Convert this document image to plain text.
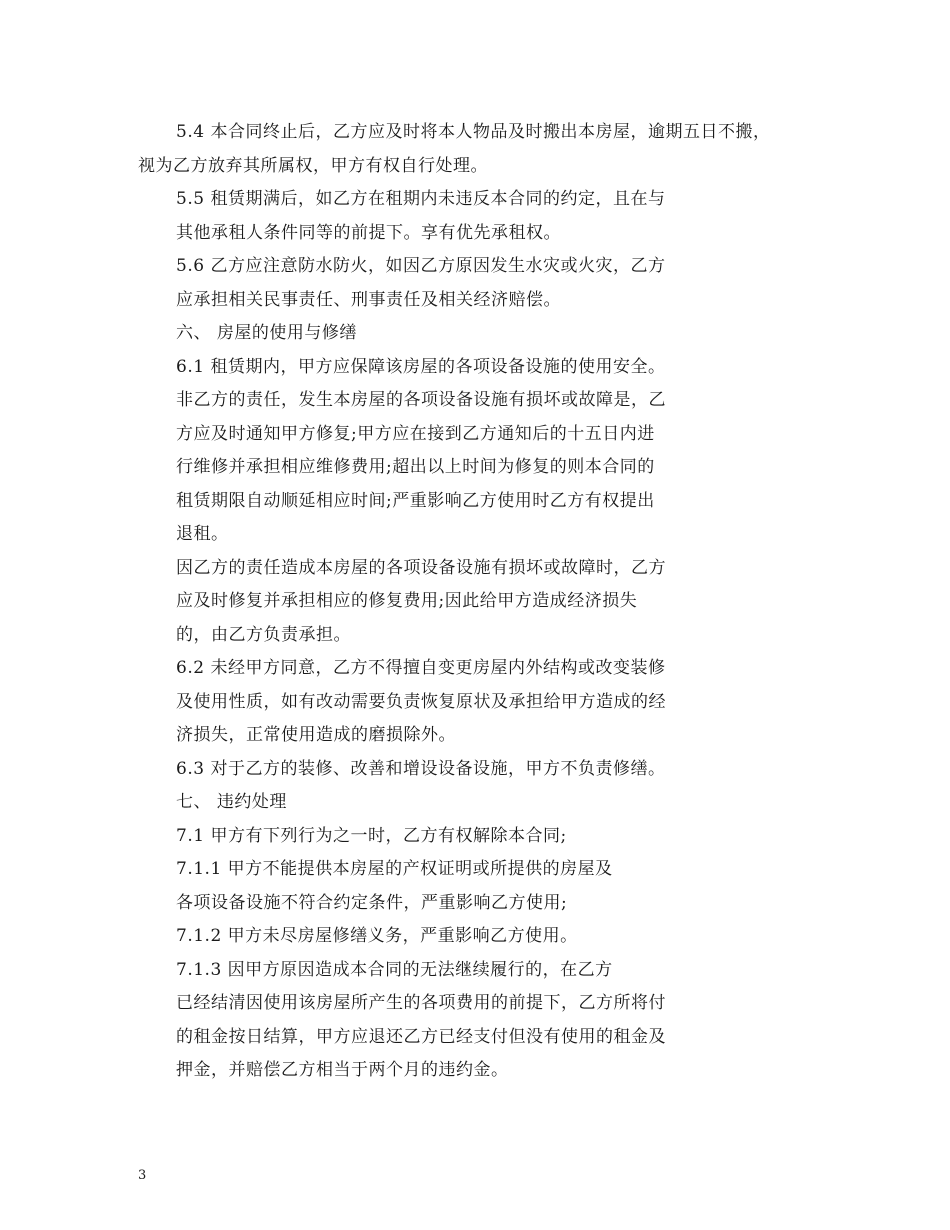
5.4 本合同终止后，乙方应及时将本人物品及时搬出本房屋，逾期五日不搬，
视为乙方放弃其所属权，甲方有权自行处理。
5.5 租赁期满后，如乙方在租期内未违反本合同的约定，且在与
其他承租人条件同等的前提下。享有优先承租权。
5.6 乙方应注意防水防火，如因乙方原因发生水灾或火灾，乙方
应承担相关民事责任、刑事责任及相关经济赔偿。
六、 房屋的使用与修缮
6.1 租赁期内，甲方应保障该房屋的各项设备设施的使用安全。
非乙方的责任，发生本房屋的各项设备设施有损坏或故障是，乙
方应及时通知甲方修复;甲方应在接到乙方通知后的十五日内进
行维修并承担相应维修费用;超出以上时间为修复的则本合同的
租赁期限自动顺延相应时间;严重影响乙方使用时乙方有权提出
退租。
因乙方的责任造成本房屋的各项设备设施有损坏或故障时，乙方
应及时修复并承担相应的修复费用;因此给甲方造成经济损失
的，由乙方负责承担。
6.2 未经甲方同意，乙方不得擅自变更房屋内外结构或改变装修
及使用性质，如有改动需要负责恢复原状及承担给甲方造成的经
济损失，正常使用造成的磨损除外。
6.3 对于乙方的装修、改善和增设设备设施，甲方不负责修缮。
七、 违约处理
7.1 甲方有下列行为之一时，乙方有权解除本合同;
7.1.1 甲方不能提供本房屋的产权证明或所提供的房屋及
各项设备设施不符合约定条件，严重影响乙方使用;
7.1.2 甲方未尽房屋修缮义务，严重影响乙方使用。
7.1.3 因甲方原因造成本合同的无法继续履行的，在乙方
已经结清因使用该房屋所产生的各项费用的前提下，乙方所将付
的租金按日结算，甲方应退还乙方已经支付但没有使用的租金及
押金，并赔偿乙方相当于两个月的违约金。
3
